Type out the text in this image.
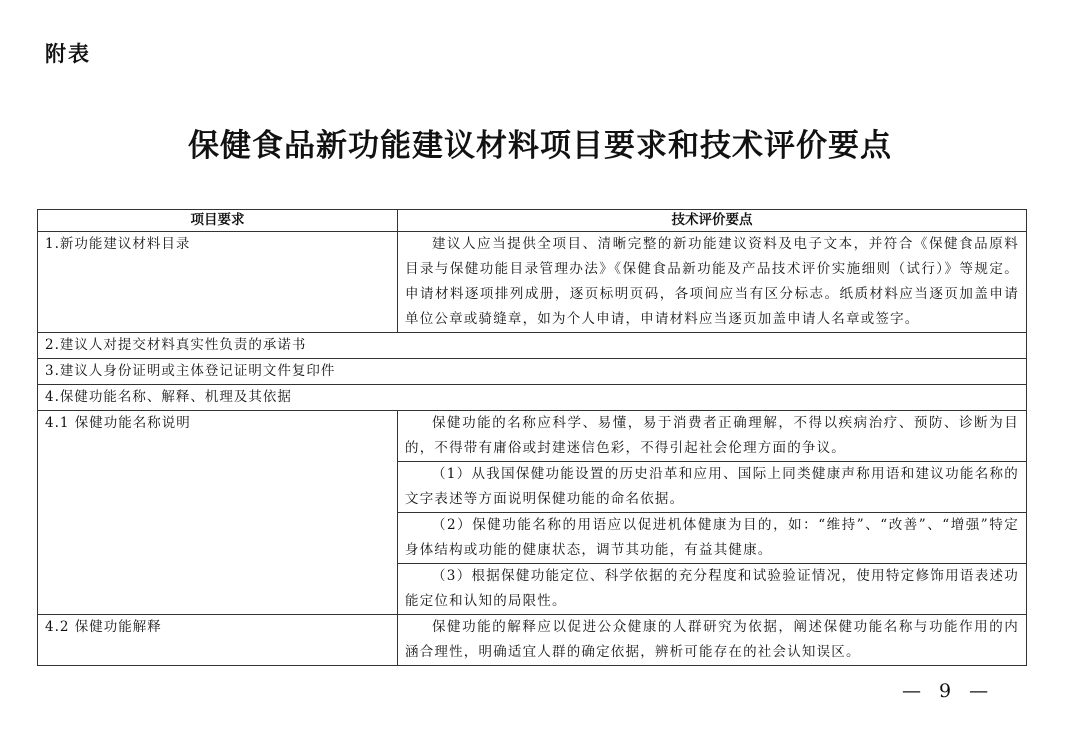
附表
保健食品新功能建议材料项目要求和技术评价要点
项目要求	技术评价要点
1.新功能建议材料目录	建议人应当提供全项目、清晰完整的新功能建议资料及电子文本，并符合《保健食品原料目录与保健功能目录管理办法》《保健食品新功能及产品技术评价实施细则（试行）》等规定。申请材料逐项排列成册，逐页标明页码，各项间应当有区分标志。纸质材料应当逐页加盖申请单位公章或骑缝章，如为个人申请，申请材料应当逐页加盖申请人名章或签字。
2.建议人对提交材料真实性负责的承诺书	
3.建议人身份证明或主体登记证明文件复印件	
4.保健功能名称、解释、机理及其依据	
4.1 保健功能名称说明	保健功能的名称应科学、易懂，易于消费者正确理解，不得以疾病治疗、预防、诊断为目的，不得带有庸俗或封建迷信色彩，不得引起社会伦理方面的争议。
	（1）从我国保健功能设置的历史沿革和应用、国际上同类健康声称用语和建议功能名称的文字表述等方面说明保健功能的命名依据。
	（2）保健功能名称的用语应以促进机体健康为目的，如：“维持”、“改善”、“增强”特定身体结构或功能的健康状态，调节其功能，有益其健康。
	（3）根据保健功能定位、科学依据的充分程度和试验验证情况，使用特定修饰用语表述功能定位和认知的局限性。
4.2 保健功能解释	保健功能的解释应以促进公众健康的人群研究为依据，阐述保健功能名称与功能作用的内涵合理性，明确适宜人群的确定依据，辨析可能存在的社会认知误区。
— 9 —
